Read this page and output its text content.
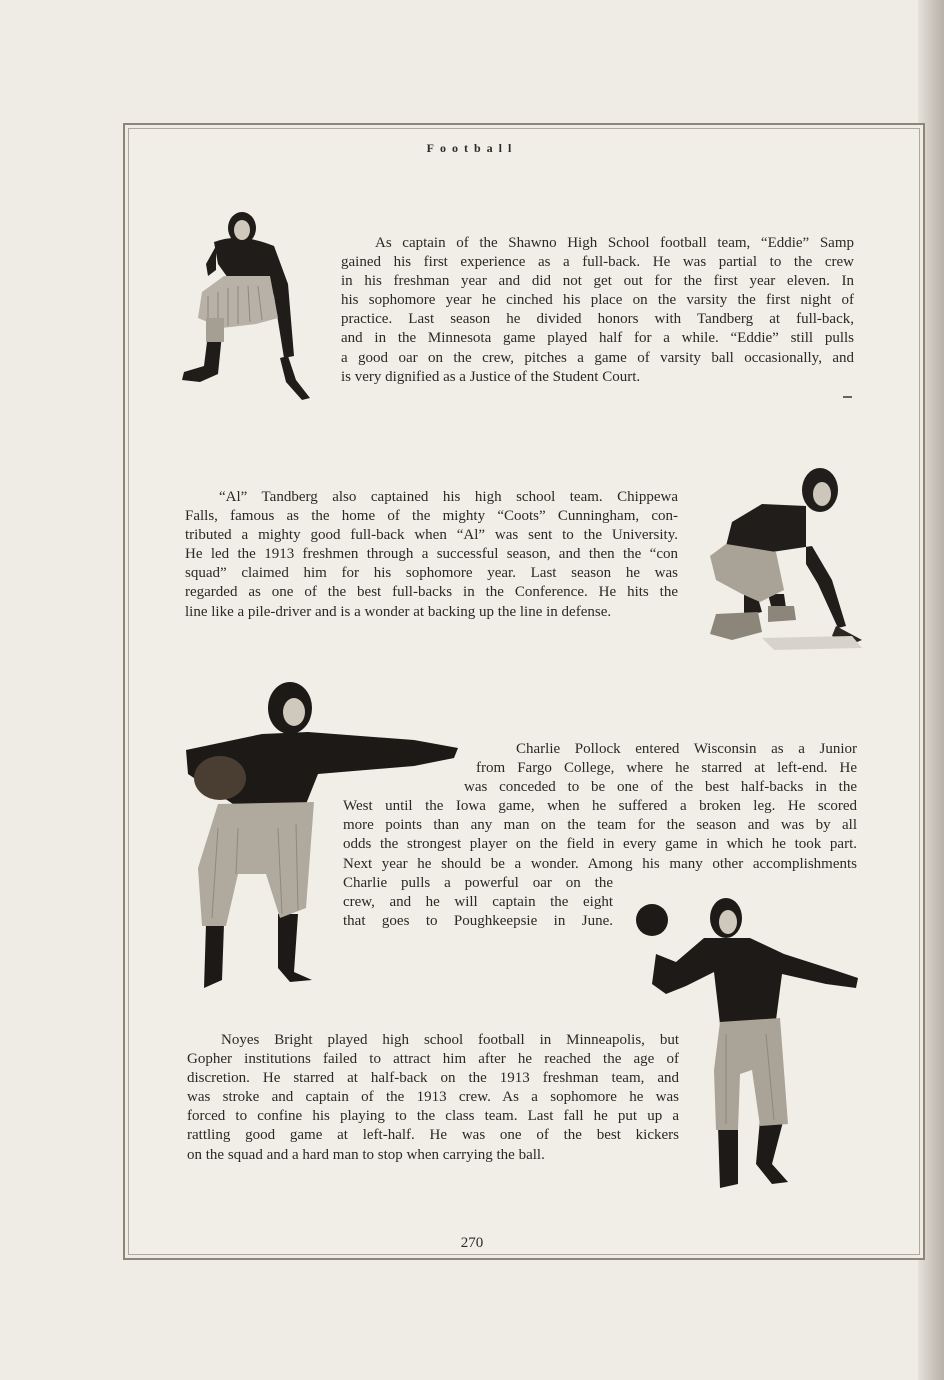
Football
As captain of the Shawno High School football team, “Eddie” Samp
gained his first experience as a full-back. He was partial to the crew
in his freshman year and did not get out for the first year eleven. In
his sophomore year he cinched his place on the varsity the first night of
practice. Last season he divided honors with Tandberg at full-back,
and in the Minnesota game played half for a while. “Eddie” still pulls
a good oar on the crew, pitches a game of varsity ball occasionally, and
is very dignified as a Justice of the Student Court.
“Al” Tandberg also captained his high school team. Chippewa
Falls, famous as the home of the mighty “Coots” Cunningham, con-
tributed a mighty good full-back when “Al” was sent to the University.
He led the 1913 freshmen through a successful season, and then the “con
squad” claimed him for his sophomore year. Last season he was
regarded as one of the best full-backs in the Conference. He hits the
line like a pile-driver and is a wonder at backing up the line in defense.
Charlie Pollock entered Wisconsin as a Junior
from Fargo College, where he starred at left-end. He
was conceded to be one of the best half-backs in the
West until the Iowa game, when he suffered a broken leg. He scored
more points than any man on the team for the season and was by all
odds the strongest player on the field in every game in which he took part.
Next year he should be a wonder. Among his many other accomplishments
Charlie pulls a powerful oar on the
crew, and he will captain the eight
that goes to Poughkeepsie in June.
Noyes Bright played high school football in Minneapolis, but
Gopher institutions failed to attract him after he reached the age of
discretion. He starred at half-back on the 1913 freshman team, and
was stroke and captain of the 1913 crew. As a sophomore he was
forced to confine his playing to the class team. Last fall he put up a
rattling good game at left-half. He was one of the best kickers
on the squad and a hard man to stop when carrying the ball.
270
